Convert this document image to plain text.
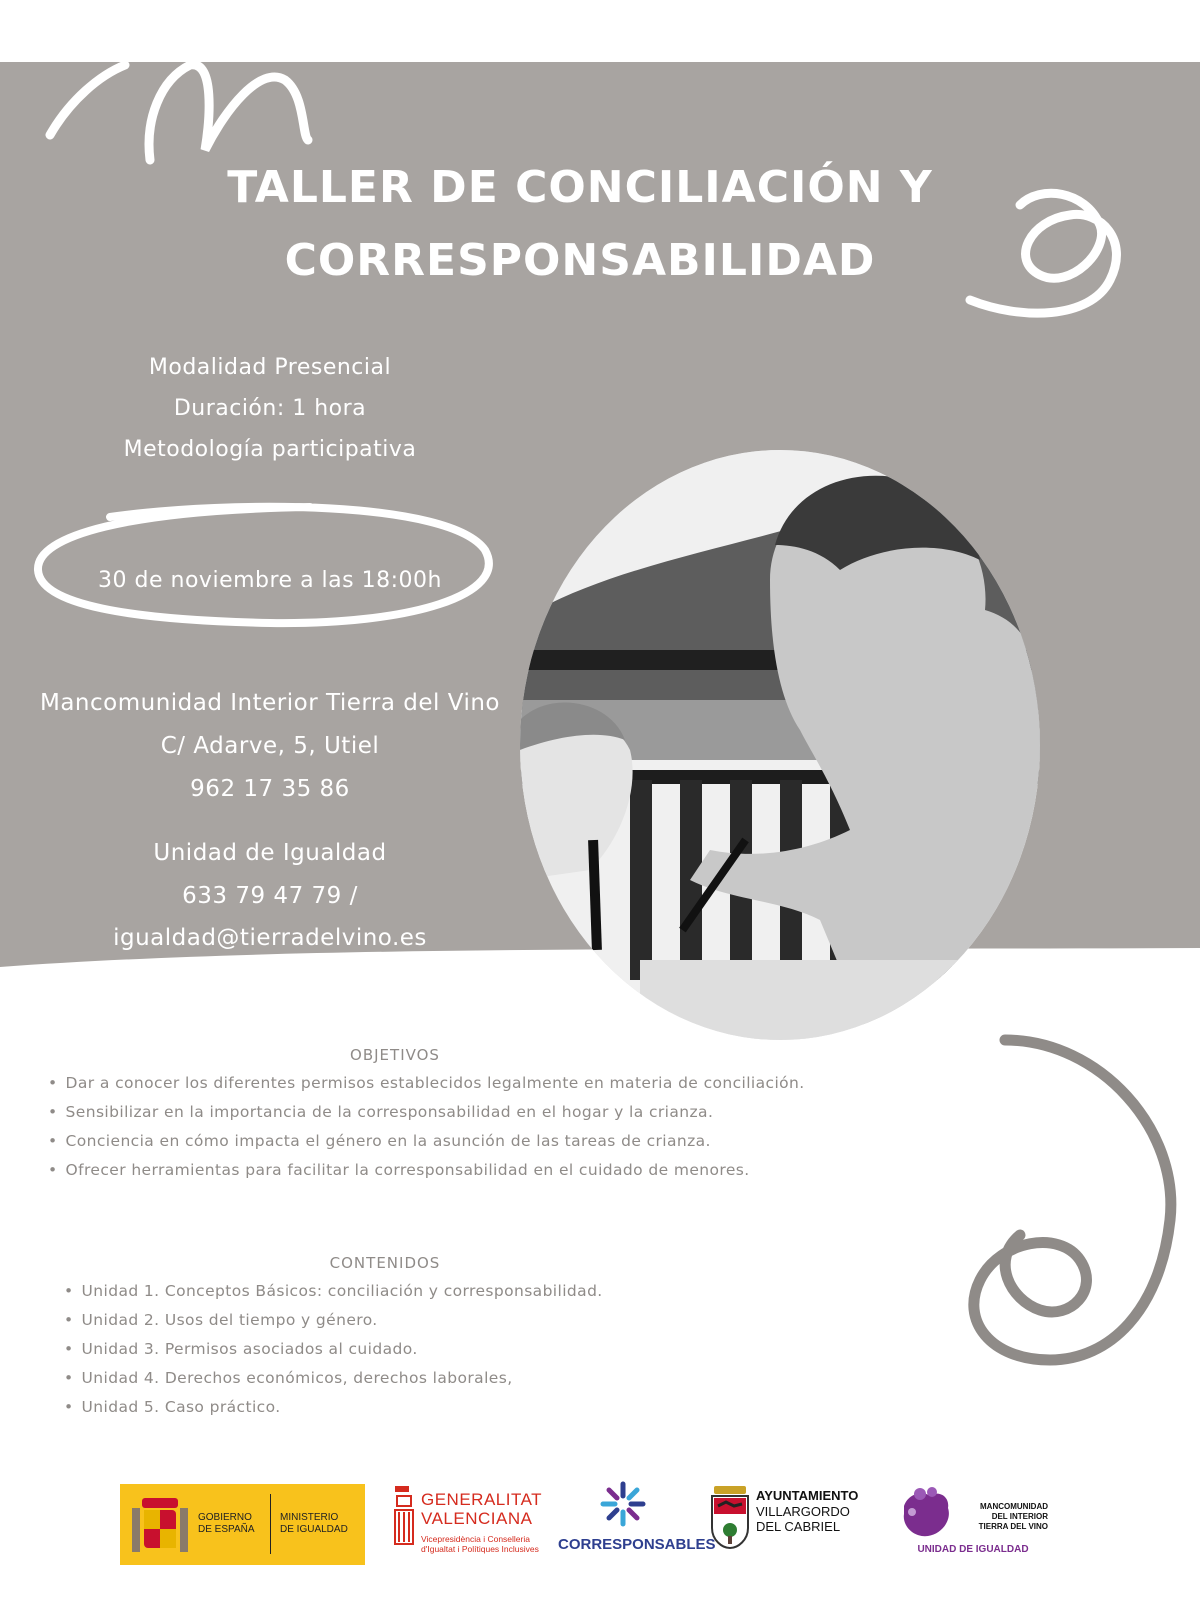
TALLER DE CONCILIACIÓN Y
CORRESPONSABILIDAD
Modalidad Presencial
Duración: 1 hora
Metodología participativa
30 de noviembre a las 18:00h
Mancomunidad Interior Tierra del Vino
C/ Adarve, 5, Utiel
962 17 35 86
Unidad de Igualdad
633 79 47 79 /
igualdad@tierradelvino.es
OBJETIVOS
• Dar a conocer los diferentes permisos establecidos legalmente en materia de conciliación.
• Sensibilizar en la importancia de la corresponsabilidad en el hogar y la crianza.
• Conciencia en cómo impacta el género en la asunción de las tareas de crianza.
• Ofrecer herramientas para facilitar la corresponsabilidad en el cuidado de menores.
CONTENIDOS
• Unidad 1. Conceptos Básicos: conciliación y corresponsabilidad.
• Unidad 2. Usos del tiempo y género.
• Unidad 3. Permisos asociados al cuidado.
• Unidad 4. Derechos económicos, derechos laborales,
• Unidad 5. Caso práctico.
GOBIERNO
DE ESPAÑA
MINISTERIO
DE IGUALDAD
GENERALITAT
VALENCIANA
Vicepresidència i Conselleria
d'Igualtat i Polítiques Inclusives CORRESPONSABLES
AYUNTAMIENTO
VILLARGORDO
DEL CABRIEL
MANCOMUNIDAD
DEL INTERIOR
TIERRA DEL VINO
UNIDAD DE IGUALDAD
